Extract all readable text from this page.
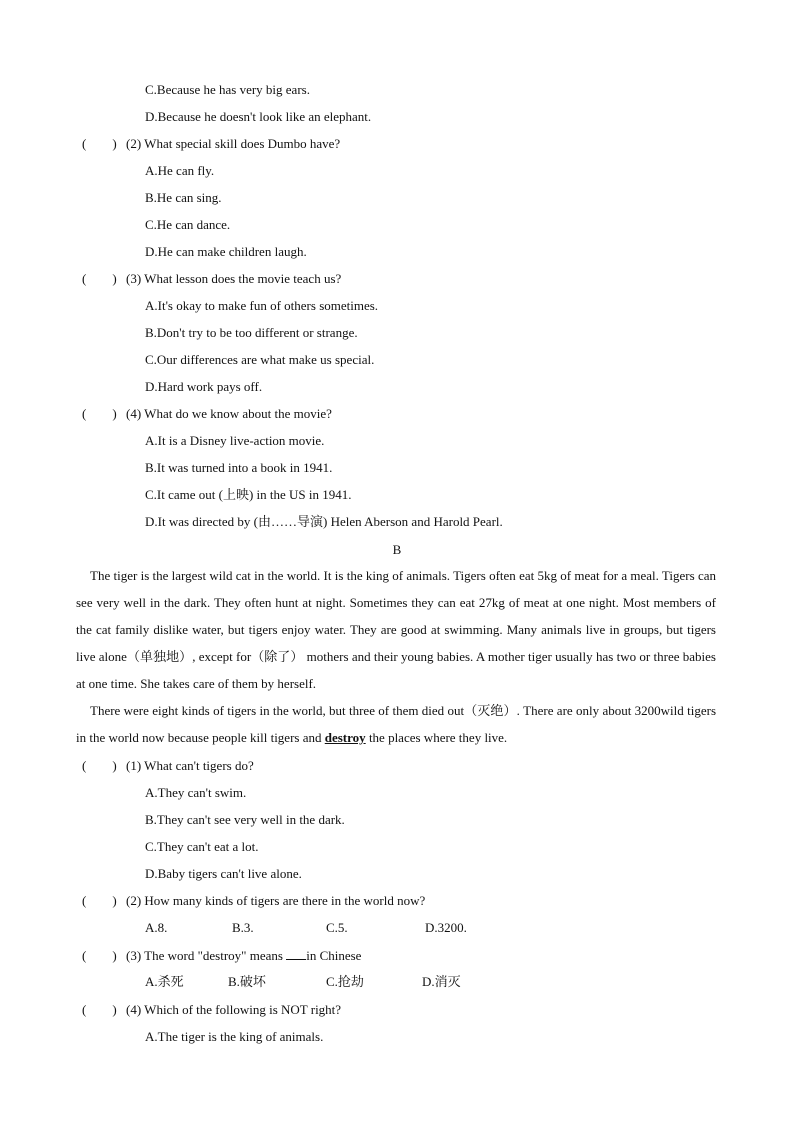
C.Because he has very big ears.
D.Because he doesn't look like an elephant.
(　　) (2) What special skill does Dumbo have?
A.He can fly.
B.He can sing.
C.He can dance.
D.He can make children laugh.
(　　) (3) What lesson does the movie teach us?
A.It's okay to make fun of others sometimes.
B.Don't try to be too different or strange.
C.Our differences are what make us special.
D.Hard work pays off.
(　　) (4) What do we know about the movie?
A.It is a Disney live-action movie.
B.It was turned into a book in 1941.
C.It came out (上映) in the US in 1941.
D.It was directed by (由……导演) Helen Aberson and Harold Pearl.
B
The tiger is the largest wild cat in the world. It is the king of animals. Tigers often eat 5kg of meat for a meal. Tigers can see very well in the dark. They often hunt at night. Sometimes they can eat 27kg of meat at one night. Most members of the cat family dislike water, but tigers enjoy water. They are good at swimming. Many animals live in groups, but tigers live alone（单独地）, except for（除了） mothers and their young babies. A mother tiger usually has two or three babies at one time. She takes care of them by herself.
There were eight kinds of tigers in the world, but three of them died out（灭绝）. There are only about 3200wild tigers in the world now because people kill tigers and destroy the places where they live.
(　　) (1) What can't tigers do?
A.They can't swim.
B.They can't see very well in the dark.
C.They can't eat a lot.
D.Baby tigers can't live alone.
(　　) (2) How many kinds of tigers are there in the world now?
A.8.	B.3.	C.5.	D.3200.
(　　) (3) The word "destroy" means in Chinese
A.杀死	B.破坏	C.抢劫	D.消灭
(　　) (4) Which of the following is NOT right?
A.The tiger is the king of animals.
